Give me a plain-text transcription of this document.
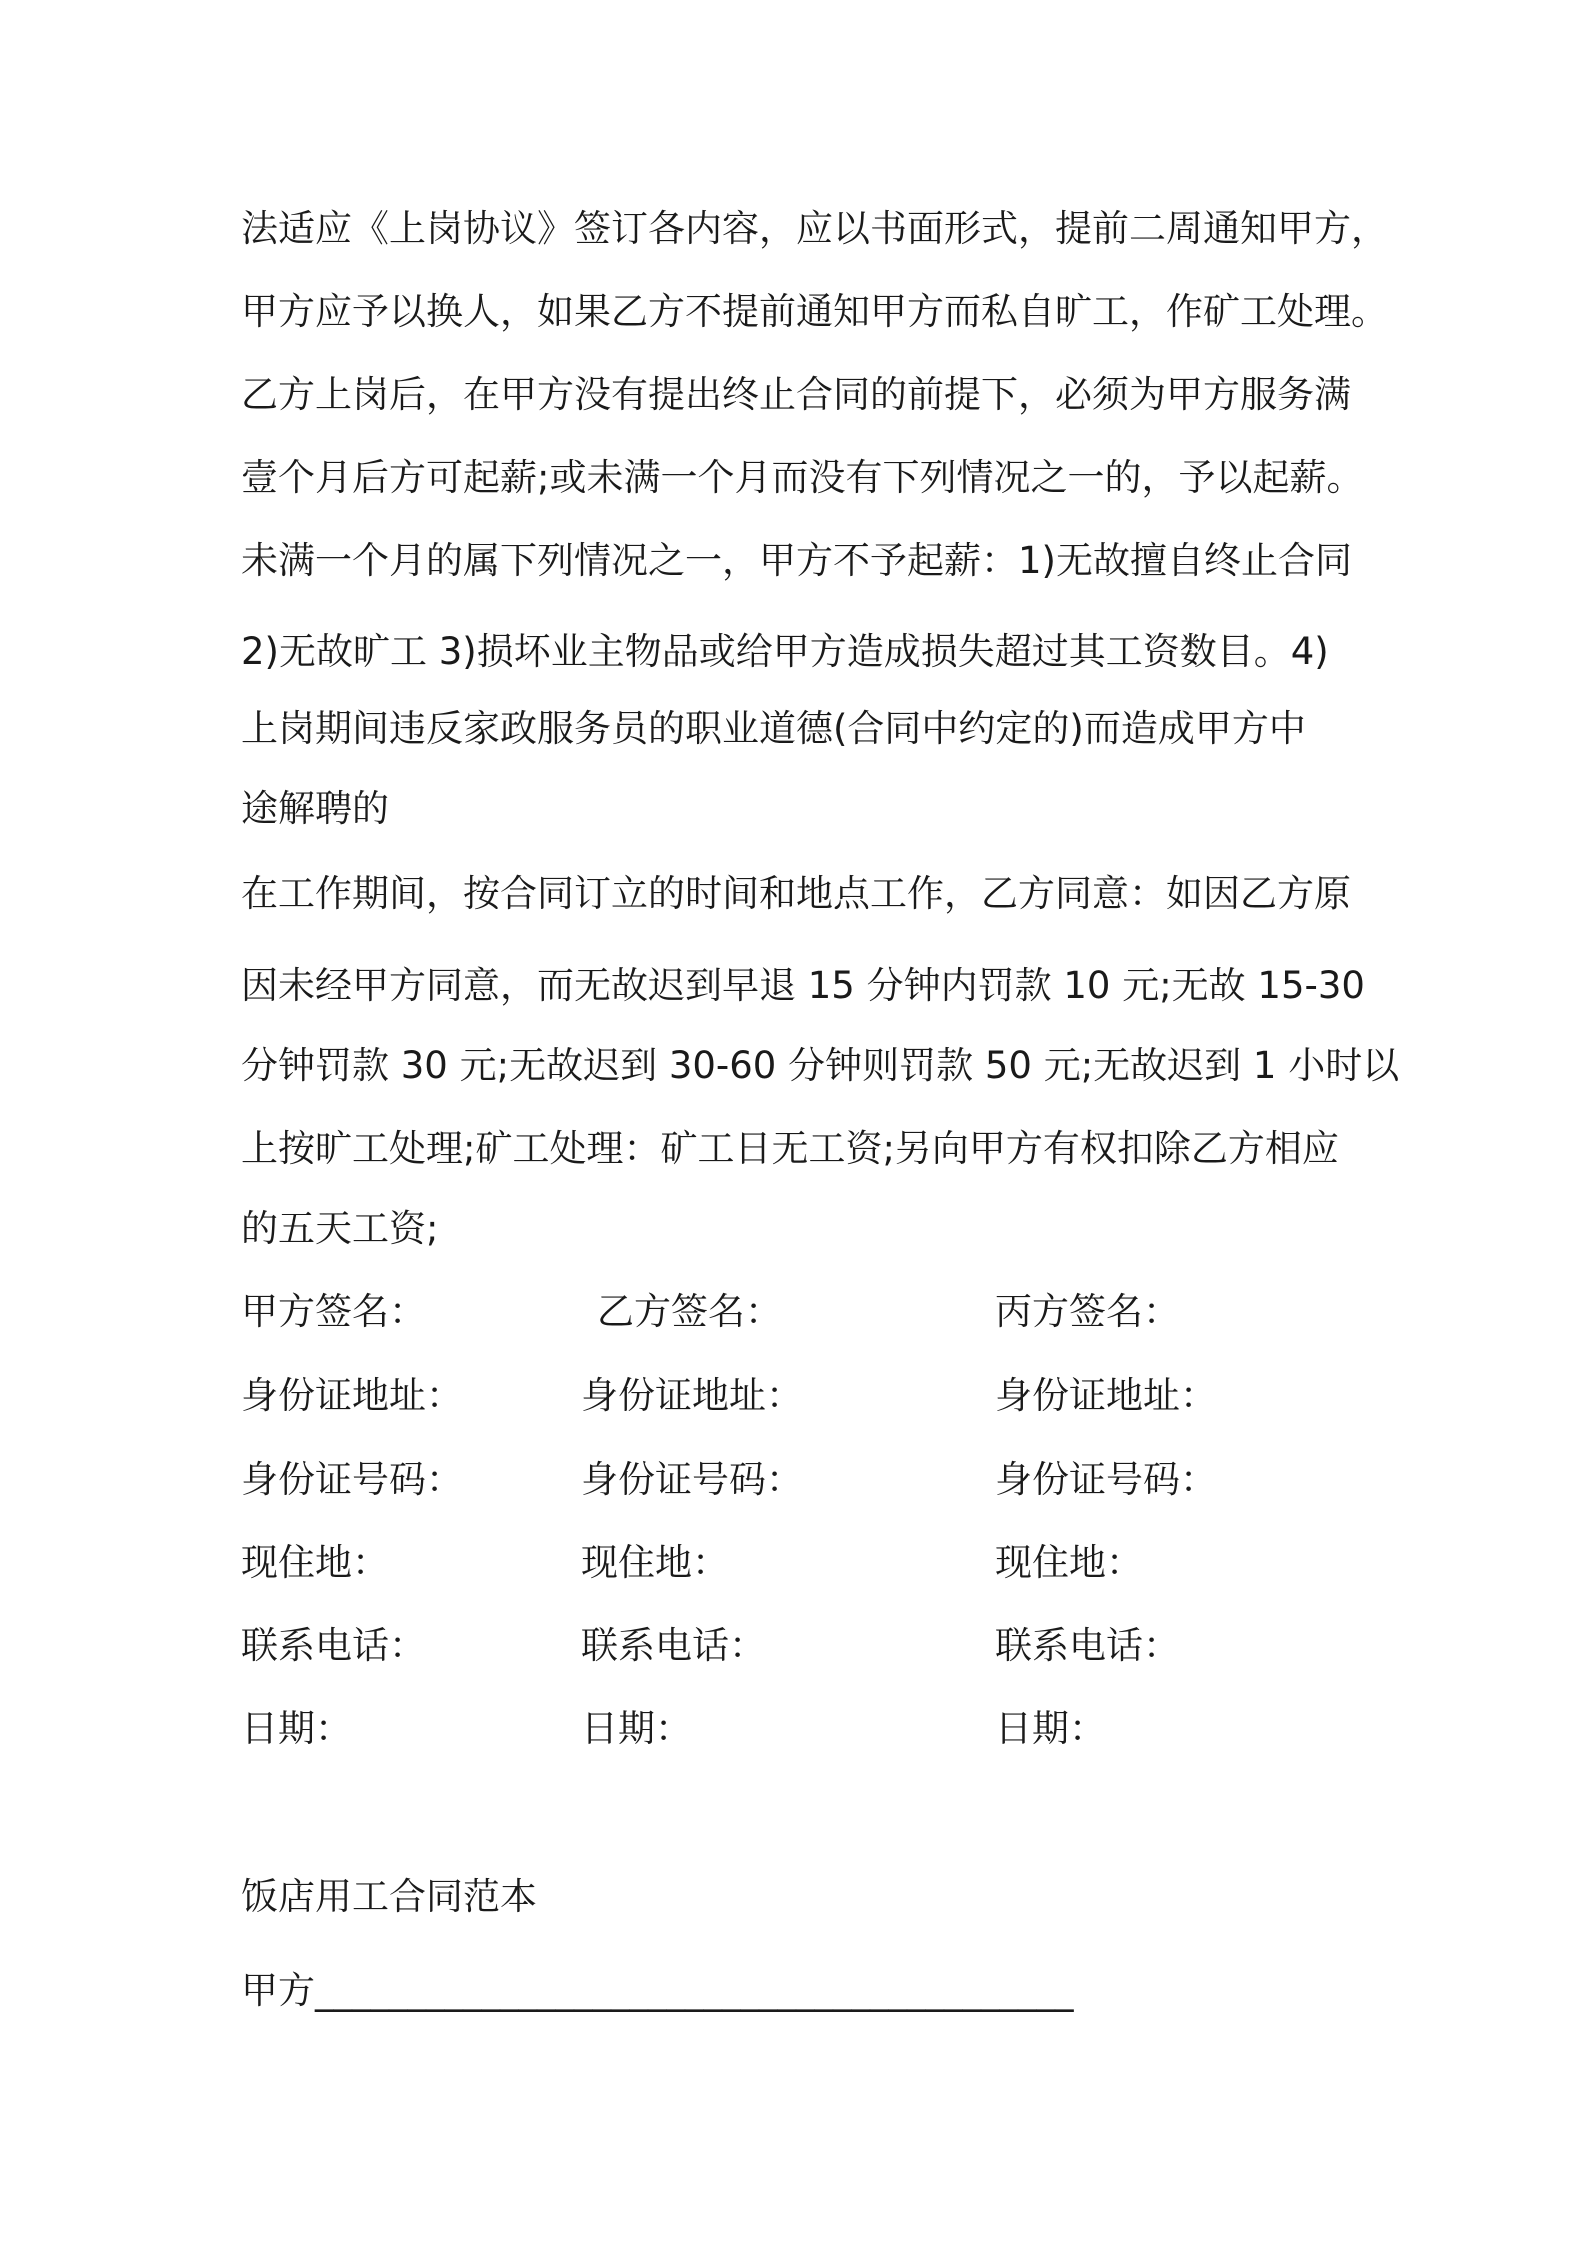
法适应《上岗协议》签订各内容，应以书面形式，提前二周通知甲方，
甲方应予以换人，如果乙方不提前通知甲方而私自旷工，作矿工处理。
乙方上岗后，在甲方没有提出终止合同的前提下，必须为甲方服务满
壹个月后方可起薪;或未满一个月而没有下列情况之一的，予以起薪。
未满一个月的属下列情况之一，甲方不予起薪：1)无故擅自终止合同
2)无故旷工 3)损坏业主物品或给甲方造成损失超过其工资数目。4)
上岗期间违反家政服务员的职业道德(合同中约定的)而造成甲方中
途解聘的
在工作期间，按合同订立的时间和地点工作，乙方同意：如因乙方原
因未经甲方同意，而无故迟到早退 15 分钟内罚款 10 元;无故 15-30
分钟罚款 30 元;无故迟到 30-60 分钟则罚款 50 元;无故迟到 1 小时以
上按旷工处理;矿工处理：矿工日无工资;另向甲方有权扣除乙方相应
的五天工资;
甲方签名：	乙方签名：	丙方签名：
身份证地址：	身份证地址：	身份证地址：
身份证号码：	身份证号码：	身份证号码：
现住地：	现住地：	现住地：
联系电话：	联系电话：	联系电话：
日期：	日期：	日期：
饭店用工合同范本
甲方_________________________________________
